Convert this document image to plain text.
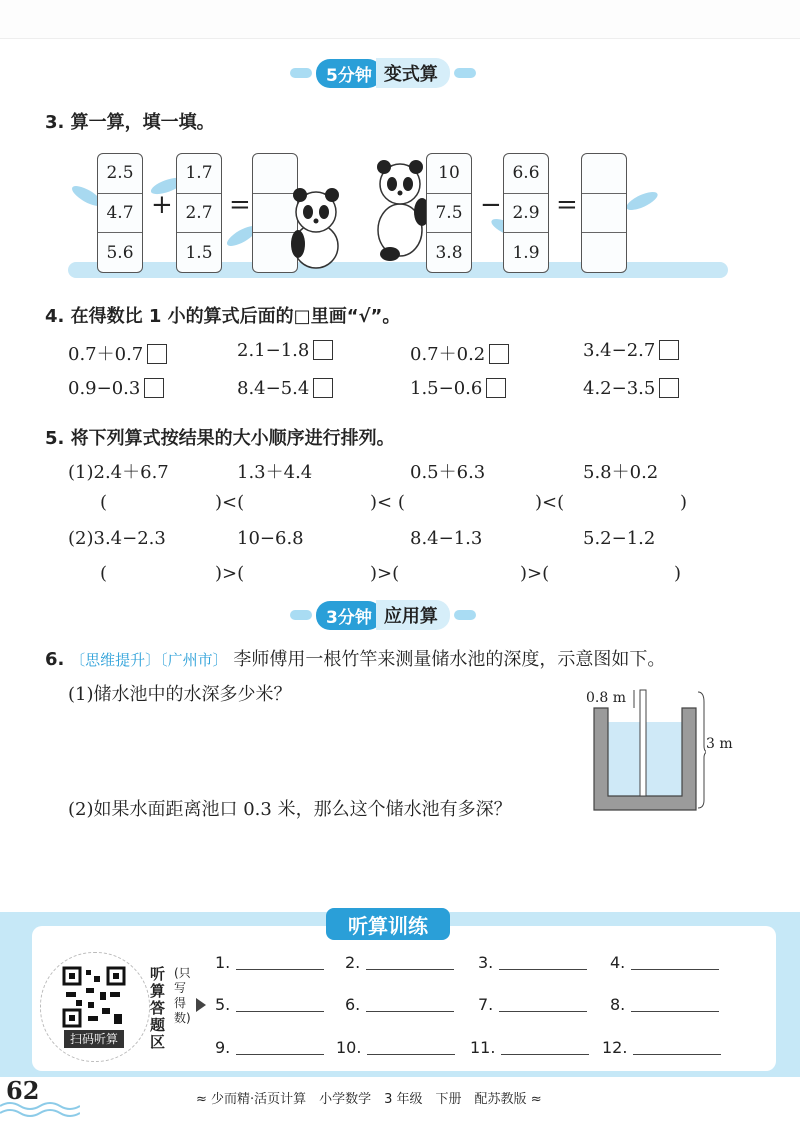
5分钟 变式算
3. 算一算，填一填。
2.5
4.7
5.6
+
1.7
2.7
1.5
=
10
7.5
3.8
−
6.6
2.9
1.9
=
4. 在得数比 1 小的算式后面的□里画“√”。
0.7＋0.7	2.1−1.8	0.7＋0.2	3.4−2.7
0.9−0.3	8.4−5.4	1.5−0.6	4.2−3.5
5. 将下列算式按结果的大小顺序进行排列。
(1)2.4＋6.7	1.3＋4.4	0.5＋6.3	5.8＋0.2
(	)<(	)< (	)<(	)
(2)3.4−2.3	10−6.8	8.4−1.3	5.2−1.2
(	)>(	)>(	)>(	)
3分钟 应用算
6. 〔思维提升〕〔广州市〕 李师傅用一根竹竿来测量储水池的深度，示意图如下。
(1)储水池中的水深多少米？
(2)如果水面距离池口 0.3 米，那么这个储水池有多深？
0.8 m
3 m
听算训练
扫码听算
听算答题区
(只写得数)
1.	2.	3.	4.
5.	6.	7.	8.
9.	10.	11.	12.
62	≈ 少而精·活页计算　小学数学　3 年级　下册　配苏教版 ≈
